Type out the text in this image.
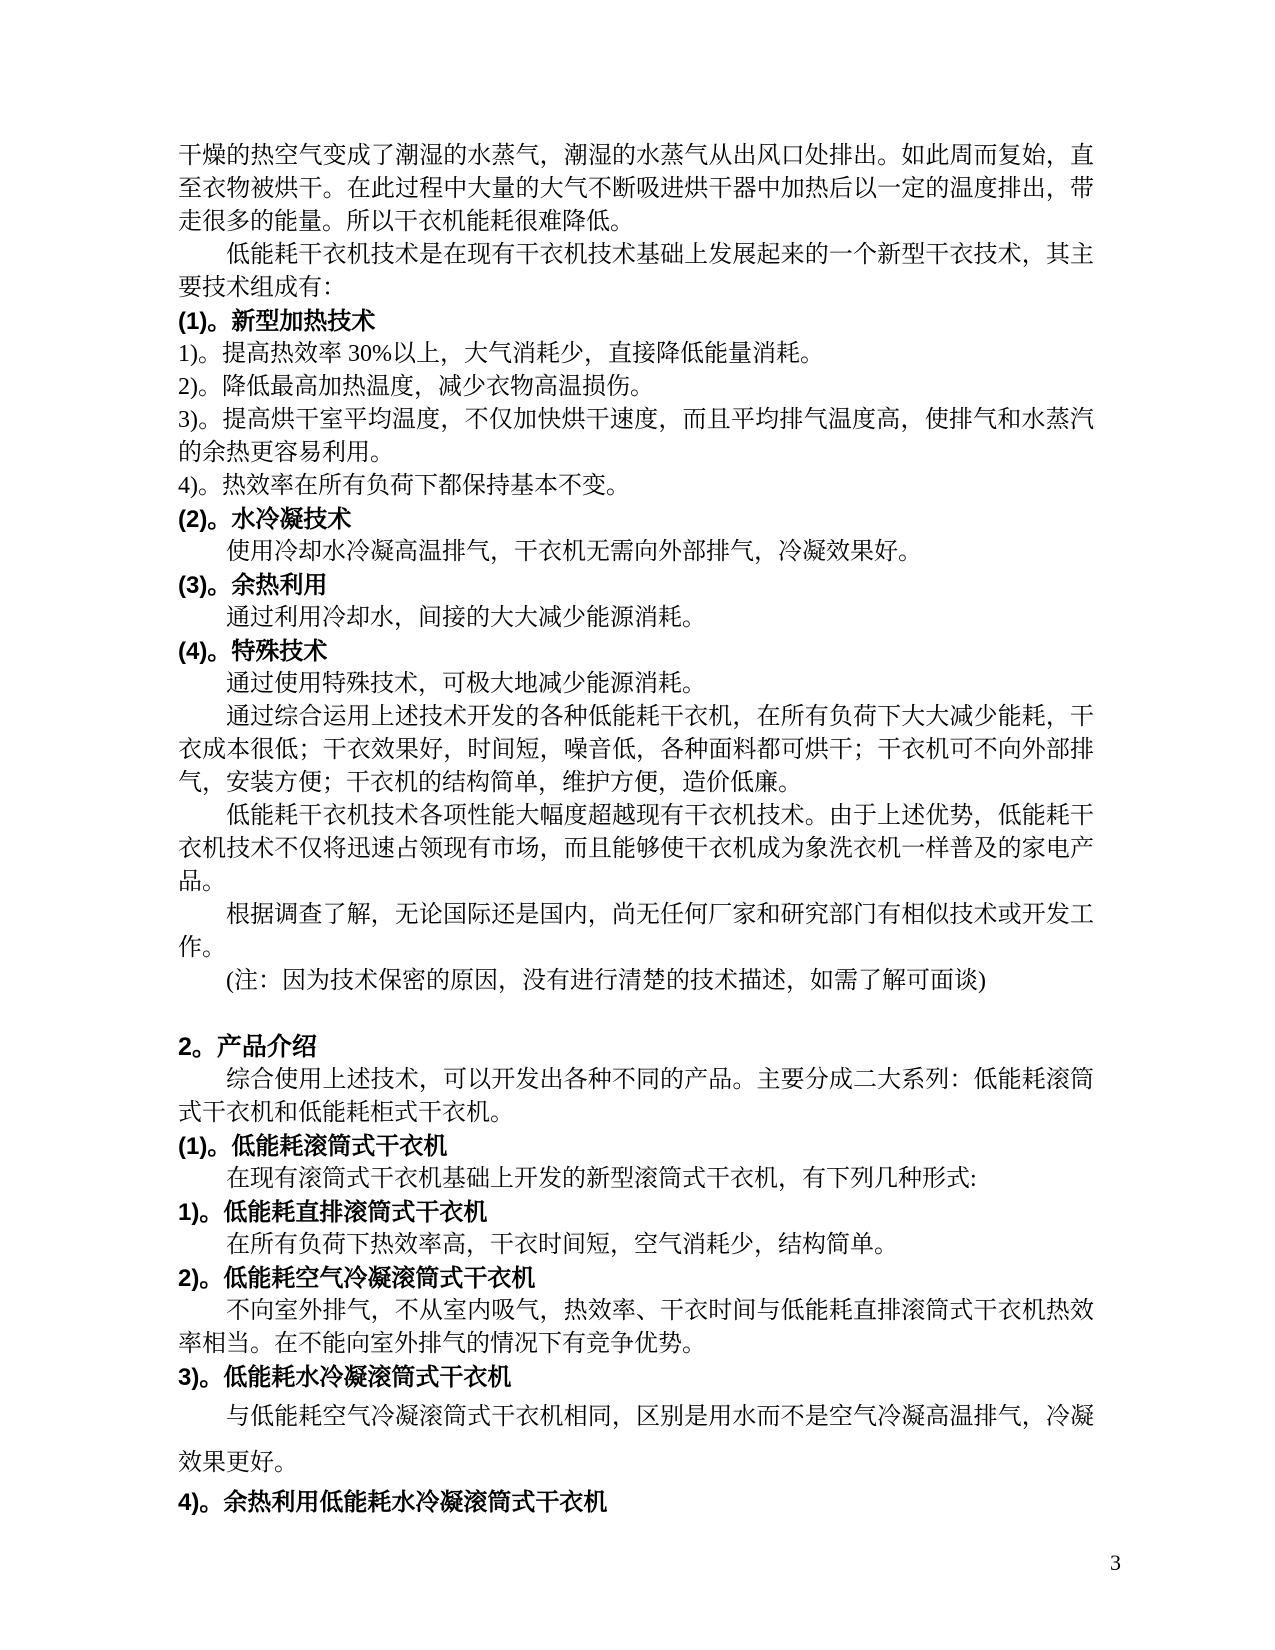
干燥的热空气变成了潮湿的水蒸气，潮湿的水蒸气从出风口处排出。如此周而复始，直至衣物被烘干。在此过程中大量的大气不断吸进烘干器中加热后以一定的温度排出，带走很多的能量。所以干衣机能耗很难降低。

低能耗干衣机技术是在现有干衣机技术基础上发展起来的一个新型干衣技术，其主要技术组成有：

(1)。新型加热技术

1)。提高热效率 30%以上，大气消耗少，直接降低能量消耗。

2)。降低最高加热温度，减少衣物高温损伤。

3)。提高烘干室平均温度，不仅加快烘干速度，而且平均排气温度高，使排气和水蒸汽的余热更容易利用。

4)。热效率在所有负荷下都保持基本不变。

(2)。水冷凝技术

使用冷却水冷凝高温排气，干衣机无需向外部排气，冷凝效果好。

(3)。余热利用

通过利用冷却水，间接的大大减少能源消耗。

(4)。特殊技术

通过使用特殊技术，可极大地减少能源消耗。

通过综合运用上述技术开发的各种低能耗干衣机，在所有负荷下大大减少能耗，干衣成本很低；干衣效果好，时间短，噪音低，各种面料都可烘干；干衣机可不向外部排气，安装方便；干衣机的结构简单，维护方便，造价低廉。

低能耗干衣机技术各项性能大幅度超越现有干衣机技术。由于上述优势，低能耗干衣机技术不仅将迅速占领现有市场，而且能够使干衣机成为象洗衣机一样普及的家电产品。

根据调查了解，无论国际还是国内，尚无任何厂家和研究部门有相似技术或开发工作。

(注：因为技术保密的原因，没有进行清楚的技术描述，如需了解可面谈)

2。产品介绍

综合使用上述技术，可以开发出各种不同的产品。主要分成二大系列：低能耗滚筒式干衣机和低能耗柜式干衣机。

(1)。低能耗滚筒式干衣机

在现有滚筒式干衣机基础上开发的新型滚筒式干衣机，有下列几种形式:

1)。低能耗直排滚筒式干衣机

在所有负荷下热效率高，干衣时间短，空气消耗少，结构简单。

2)。低能耗空气冷凝滚筒式干衣机

不向室外排气，不从室内吸气，热效率、干衣时间与低能耗直排滚筒式干衣机热效率相当。在不能向室外排气的情况下有竞争优势。

3)。低能耗水冷凝滚筒式干衣机

与低能耗空气冷凝滚筒式干衣机相同，区别是用水而不是空气冷凝高温排气，冷凝效果更好。

4)。余热利用低能耗水冷凝滚筒式干衣机

3
